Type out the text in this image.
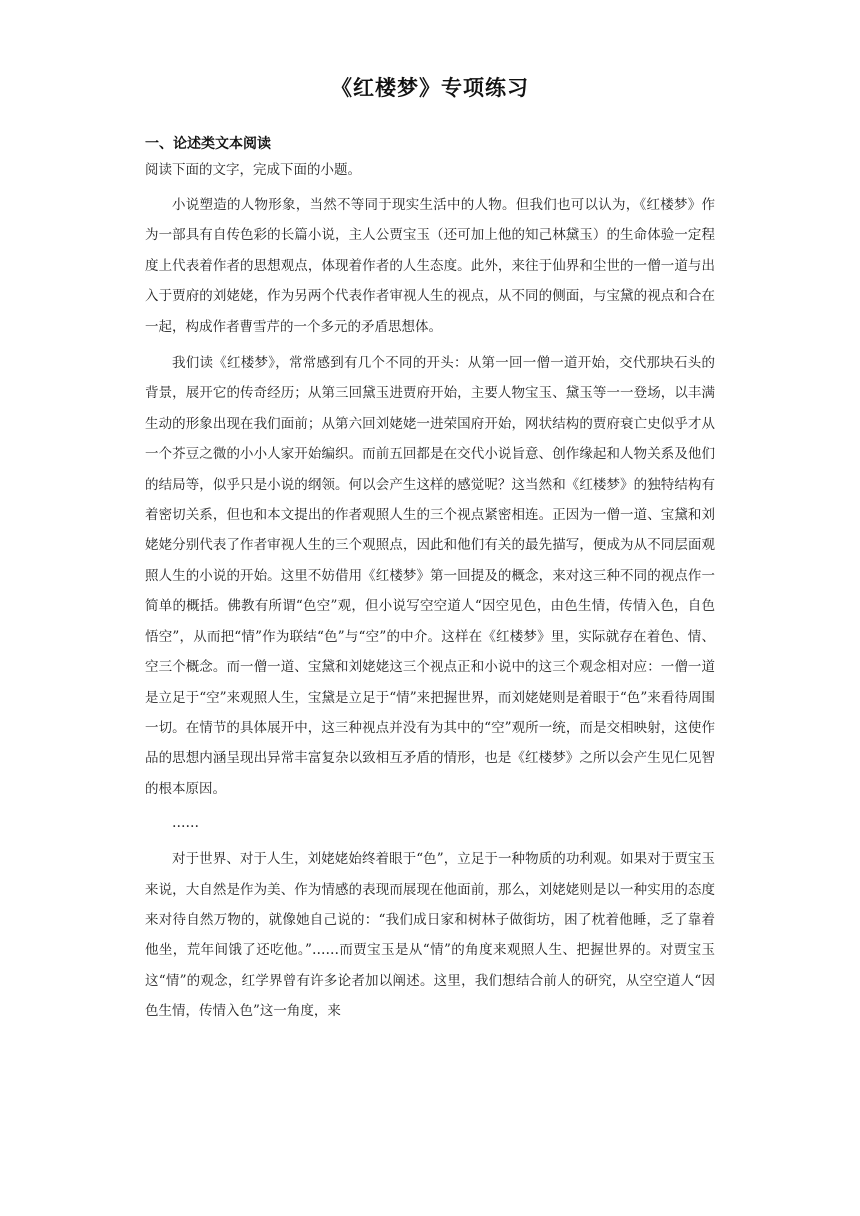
《红楼梦》专项练习
一、论述类文本阅读
阅读下面的文字，完成下面的小题。

小说塑造的人物形象，当然不等同于现实生活中的人物。但我们也可以认为，《红楼梦》作为一部具有自传色彩的长篇小说，主人公贾宝玉（还可加上他的知己林黛玉）的生命体验一定程度上代表着作者的思想观点，体现着作者的人生态度。此外，来往于仙界和尘世的一僧一道与出入于贾府的刘姥姥，作为另两个代表作者审视人生的视点，从不同的侧面，与宝黛的视点和合在一起，构成作者曹雪芹的一个多元的矛盾思想体。

我们读《红楼梦》，常常感到有几个不同的开头：从第一回一僧一道开始，交代那块石头的背景，展开它的传奇经历；从第三回黛玉进贾府开始，主要人物宝玉、黛玉等一一登场，以丰满生动的形象出现在我们面前；从第六回刘姥姥一进荣国府开始，网状结构的贾府衰亡史似乎才从一个芥豆之微的小小人家开始编织。而前五回都是在交代小说旨意、创作缘起和人物关系及他们的结局等，似乎只是小说的纲领。何以会产生这样的感觉呢？这当然和《红楼梦》的独特结构有着密切关系，但也和本文提出的作者观照人生的三个视点紧密相连。正因为一僧一道、宝黛和刘姥姥分别代表了作者审视人生的三个观照点，因此和他们有关的最先描写，便成为从不同层面观照人生的小说的开始。这里不妨借用《红楼梦》第一回提及的概念，来对这三种不同的视点作一简单的概括。佛教有所谓“色空”观，但小说写空空道人“因空见色，由色生情，传情入色，自色悟空”，从而把“情”作为联结“色”与“空”的中介。这样在《红楼梦》里，实际就存在着色、情、空三个概念。而一僧一道、宝黛和刘姥姥这三个视点正和小说中的这三个观念相对应：一僧一道是立足于“空”来观照人生，宝黛是立足于“情”来把握世界，而刘姥姥则是着眼于“色”来看待周围一切。在情节的具体展开中，这三种视点并没有为其中的“空”观所一统，而是交相映射，这使作品的思想内涵呈现出异常丰富复杂以致相互矛盾的情形，也是《红楼梦》之所以会产生见仁见智的根本原因。

……

对于世界、对于人生，刘姥姥始终着眼于“色”，立足于一种物质的功利观。如果对于贾宝玉来说，大自然是作为美、作为情感的表现而展现在他面前，那么，刘姥姥则是以一种实用的态度来对待自然万物的，就像她自己说的：“我们成日家和树林子做街坊，困了枕着他睡，乏了靠着他坐，荒年间饿了还吃他。”……而贾宝玉是从“情”的角度来观照人生、把握世界的。对贾宝玉这“情”的观念，红学界曾有许多论者加以阐述。这里，我们想结合前人的研究，从空空道人“因色生情，传情入色”这一角度，来
